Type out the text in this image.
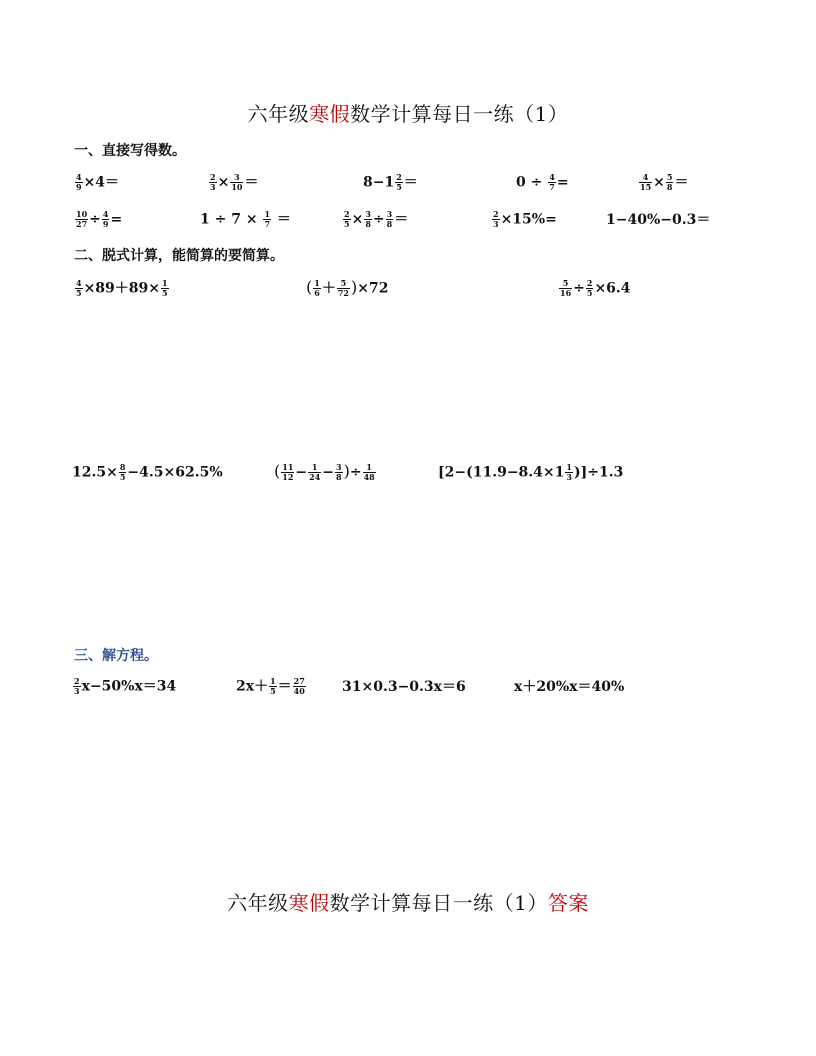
六年级寒假数学计算每日一练（1）
一、直接写得数。
$\frac{4}{9} \times 4=$	$\frac{2}{3} \times \frac{3}{10}$ ＝	$8-1 \frac{2}{5}$ ＝	$0 \div \frac{4}{7}$ =	$\frac{4}{15} \times \frac{5}{8}$ ＝
$\frac{10}{27} \div \frac{4}{9}$ =	$1 \div 7 \times \frac{1}{7}$ ＝	$\frac{2}{5} \times \frac{3}{8} \div \frac{3}{8}$ ＝	$\frac{2}{3} \times 15\%=$	1−40%−0.3＝
二、脱式计算，能简算的要简算。
$\frac{4}{5} \times 89+89\times \frac{1}{5}$	( $\frac{1}{6} + \frac{5}{72} )\times 72$	$\frac{5}{16} \div \frac{2}{5} \times 6.4$
$12.5\times \frac{8}{5} -4.5\times 62.5\%$	( $\frac{11}{12} - \frac{1}{24} - \frac{3}{8}$ )÷ $\frac{1}{48}$	$[2-(11.9-8.4\times 1 \frac{1}{3} )]\div 1.3$
三、解方程。
$\frac{2}{3} x-50\%x=34$	$2x+ \frac{1}{5} = \frac{27}{40}$	31×0.3−0.3x＝6	x＋20%x＝40%
六年级寒假数学计算每日一练（1）答案
